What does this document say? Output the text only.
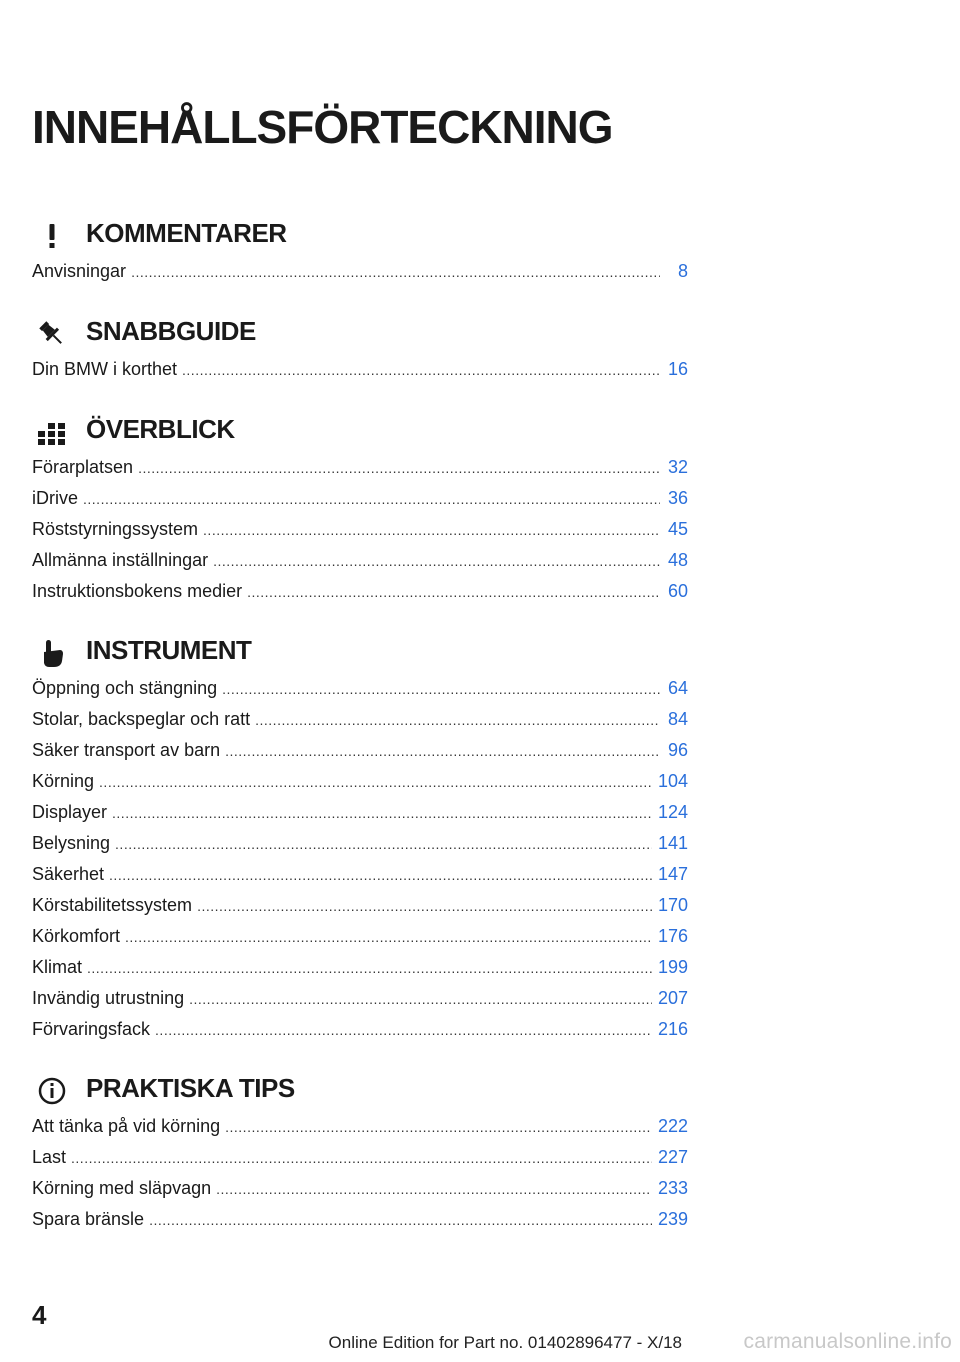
INNEHÅLLSFÖRTECKNING
KOMMENTARER
Anvisningar .....	8
SNABBGUIDE
Din BMW i korthet .....	16
ÖVERBLICK
Förarplatsen .....	32
iDrive .....	36
Röststyrningssystem .....	45
Allmänna inställningar .....	48
Instruktionsbokens medier .....	60
INSTRUMENT
Öppning och stängning .....	64
Stolar, backspeglar och ratt .....	84
Säker transport av barn .....	96
Körning .....	104
Displayer .....	124
Belysning .....	141
Säkerhet .....	147
Körstabilitetssystem .....	170
Körkomfort .....	176
Klimat .....	199
Invändig utrustning .....	207
Förvaringsfack .....	216
PRAKTISKA TIPS
Att tänka på vid körning .....	222
Last .....	227
Körning med släpvagn .....	233
Spara bränsle .....	239
4
Online Edition for Part no. 01402896477 - X/18	carmanualsonline.info
